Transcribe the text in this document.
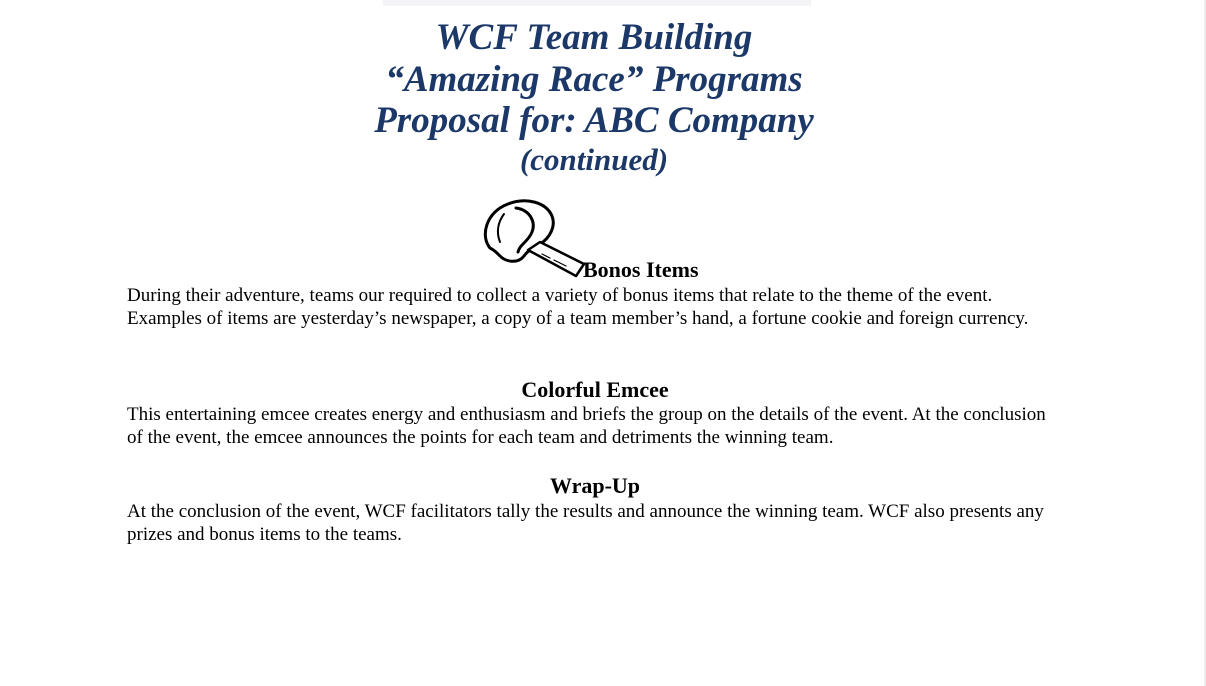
WCF Team Building
“Amazing Race” Programs
Proposal for: ABC Company
(continued)
Bonos Items

During their adventure, teams our required to collect a variety of bonus items that relate to the theme of the event. Examples of items are yesterday’s newspaper, a copy of a team member’s hand, a fortune cookie and foreign currency.

Colorful Emcee

This entertaining emcee creates energy and enthusiasm and briefs the group on the details of the event. At the conclusion of the event, the emcee announces the points for each team and detriments the winning team.

Wrap-Up

At the conclusion of the event, WCF facilitators tally the results and announce the winning team. WCF also presents any prizes and bonus items to the teams.
